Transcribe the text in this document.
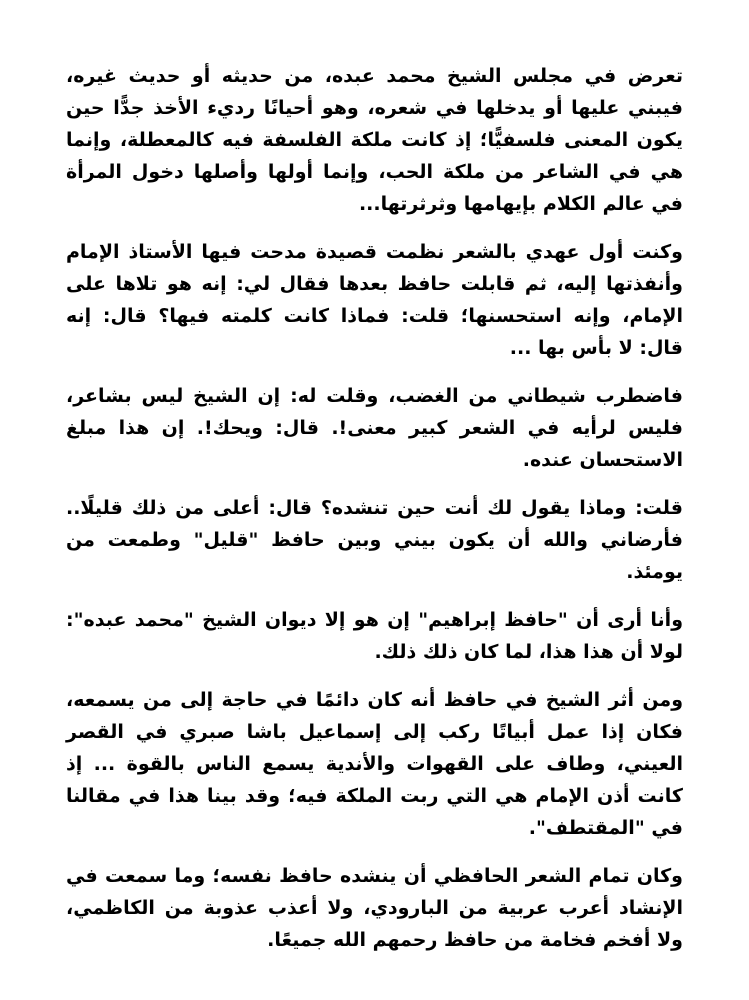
تعرض في مجلس الشيخ محمد عبده، من حديثه أو حديث غيره، فيبني عليها أو يدخلها في شعره، وهو أحيانًا رديء الأخذ جدًّا حين يكون المعنى فلسفيًّا؛ إذ كانت ملكة الفلسفة فيه كالمعطلة، وإنما هي في الشاعر من ملكة الحب، وإنما أولها وأصلها دخول المرأة في عالم الكلام بإيهامها وثرثرتها...

وكنت أول عهدي بالشعر نظمت قصيدة مدحت فيها الأستاذ الإمام وأنفذتها إليه، ثم قابلت حافظ بعدها فقال لي: إنه هو تلاها على الإمام، وإنه استحسنها؛ قلت: فماذا كانت كلمته فيها؟ قال: إنه قال: لا بأس بها ...

فاضطرب شيطاني من الغضب، وقلت له: إن الشيخ ليس بشاعر، فليس لرأيه في الشعر كبير معنى!. قال: ويحك!. إن هذا مبلغ الاستحسان عنده.

قلت: وماذا يقول لك أنت حين تنشده؟ قال: أعلى من ذلك قليلًا.. فأرضاني والله أن يكون بيني وبين حافظ "قليل" وطمعت من يومئذ.

وأنا أرى أن "حافظ إبراهيم" إن هو إلا ديوان الشيخ "محمد عبده": لولا أن هذا هذا، لما كان ذلك ذلك.

ومن أثر الشيخ في حافظ أنه كان دائمًا في حاجة إلى من يسمعه، فكان إذا عمل أبياتًا ركب إلى إسماعيل باشا صبري في القصر العيني، وطاف على القهوات والأندية يسمع الناس بالقوة ... إذ كانت أذن الإمام هي التي ربت الملكة فيه؛ وقد بينا هذا في مقالنا في "المقتطف".

وكان تمام الشعر الحافظي أن ينشده حافظ نفسه؛ وما سمعت في الإنشاد أعرب عربية من البارودي، ولا أعذب عذوبة من الكاظمي، ولا أفخم فخامة من حافظ رحمهم الله جميعًا.
